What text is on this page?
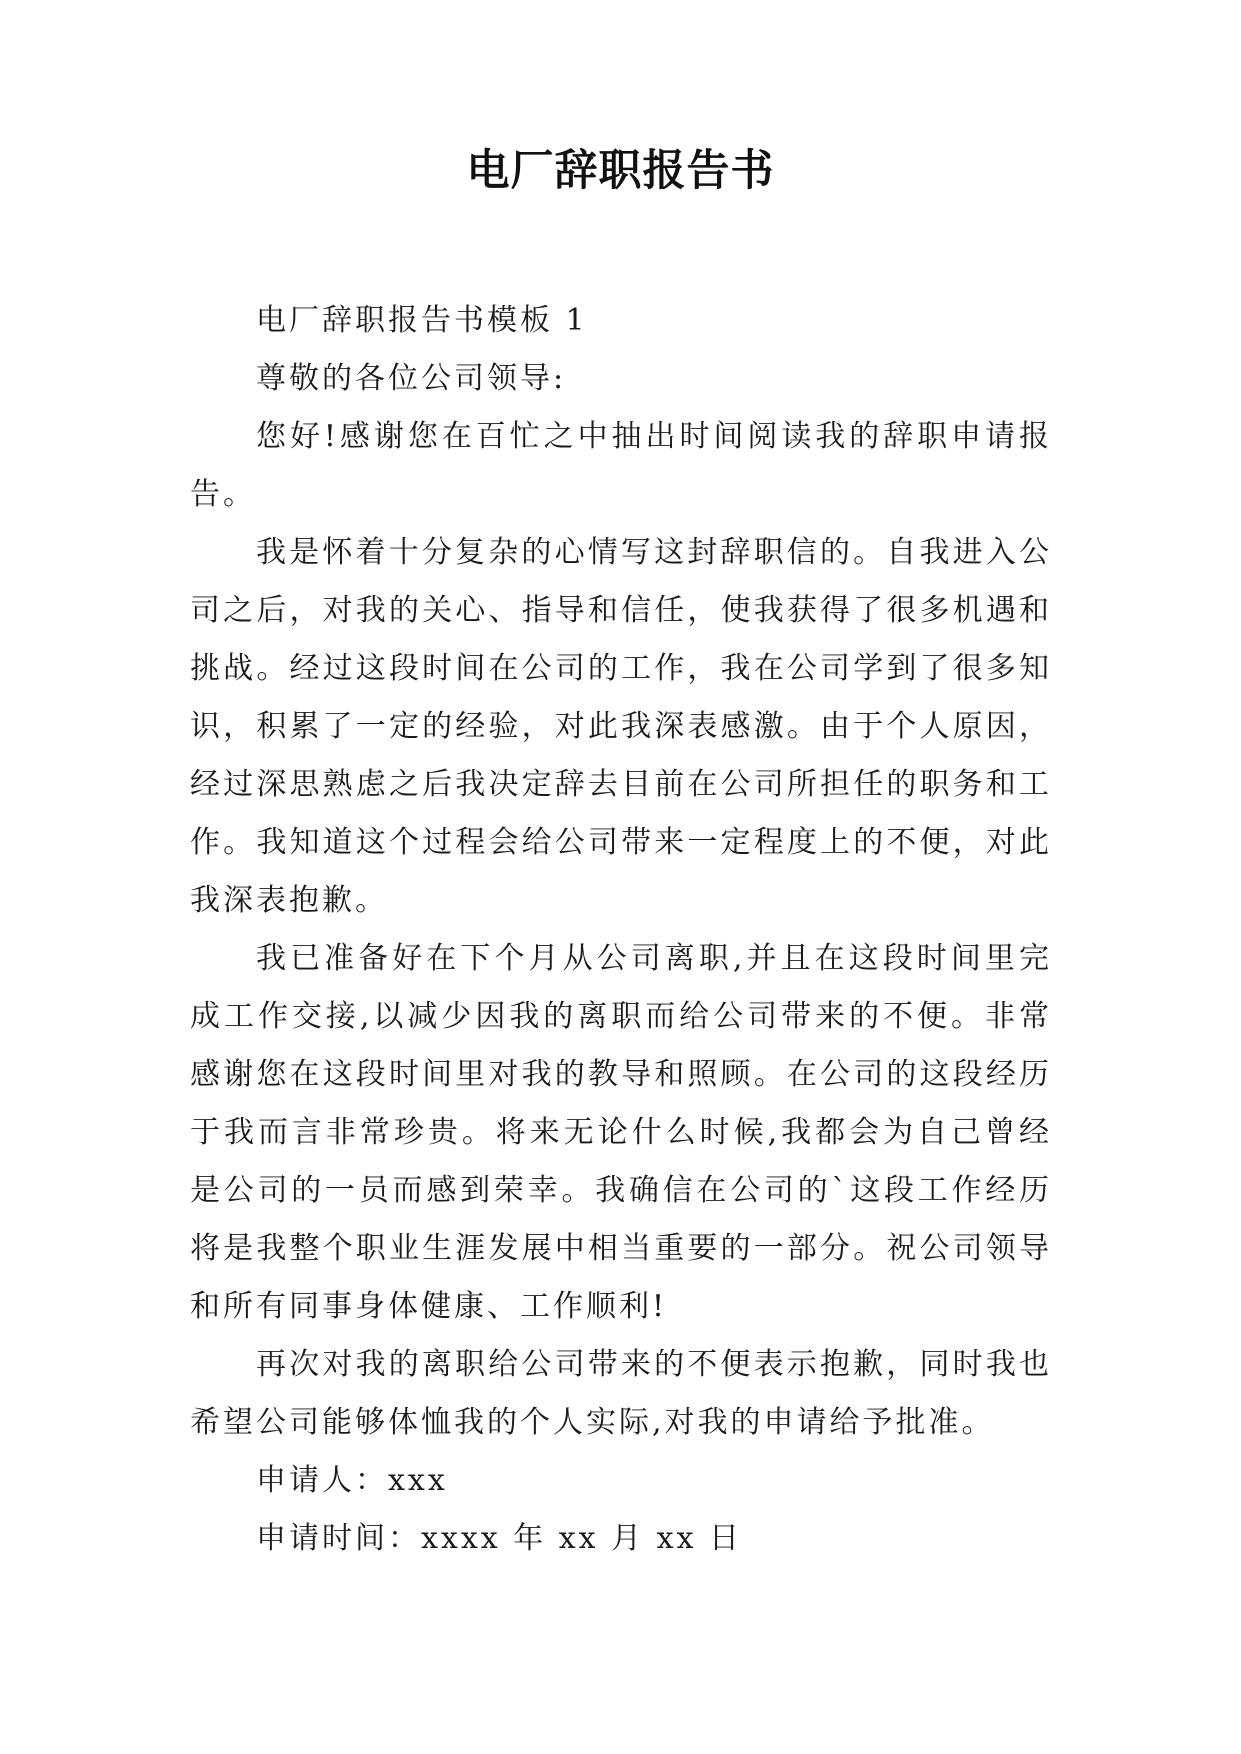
电厂辞职报告书

电厂辞职报告书模板 1

尊敬的各位公司领导:

您好!感谢您在百忙之中抽出时间阅读我的辞职申请报告。

我是怀着十分复杂的心情写这封辞职信的。自我进入公司之后，对我的关心、指导和信任，使我获得了很多机遇和挑战。经过这段时间在公司的工作，我在公司学到了很多知识，积累了一定的经验，对此我深表感激。由于个人原因，经过深思熟虑之后我决定辞去目前在公司所担任的职务和工作。我知道这个过程会给公司带来一定程度上的不便，对此我深表抱歉。

我已准备好在下个月从公司离职,并且在这段时间里完成工作交接,以减少因我的离职而给公司带来的不便。非常感谢您在这段时间里对我的教导和照顾。在公司的这段经历于我而言非常珍贵。将来无论什么时候,我都会为自己曾经是公司的一员而感到荣幸。我确信在公司的`这段工作经历将是我整个职业生涯发展中相当重要的一部分。祝公司领导和所有同事身体健康、工作顺利!

再次对我的离职给公司带来的不便表示抱歉，同时我也希望公司能够体恤我的个人实际,对我的申请给予批准。

申请人：xxx

申请时间：xxxx 年 xx 月 xx 日
